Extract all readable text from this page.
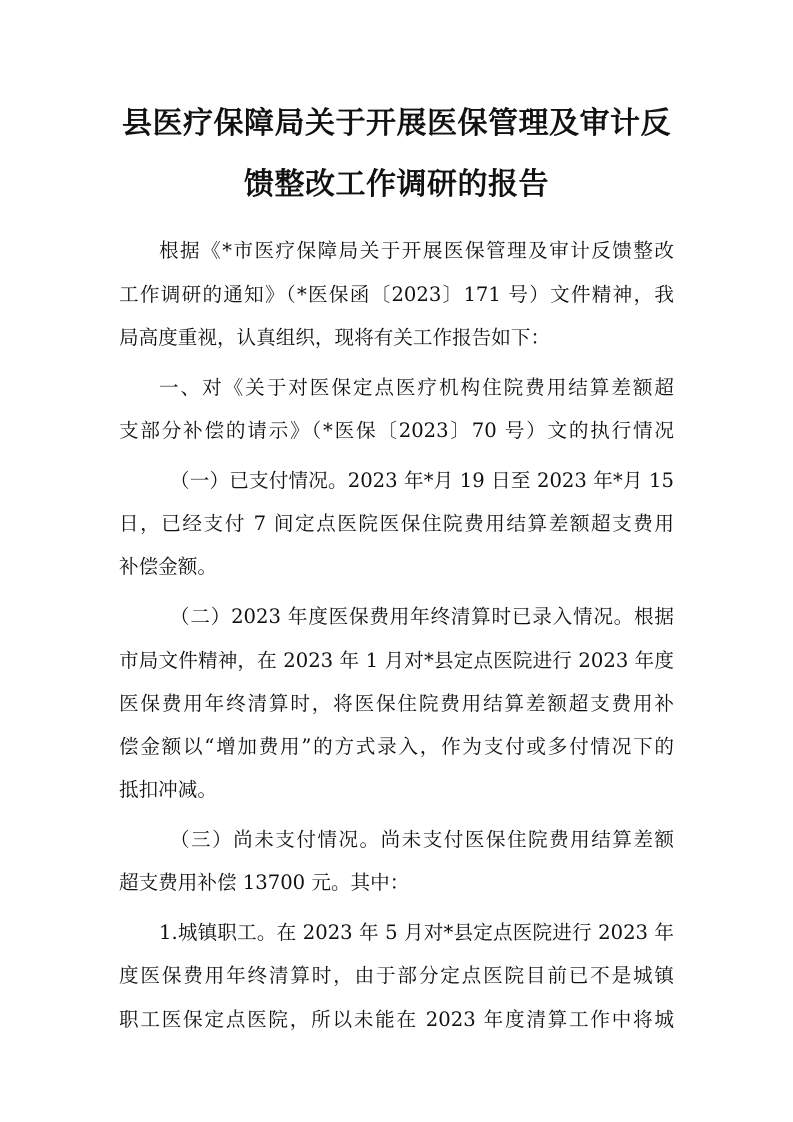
县医疗保障局关于开展医保管理及审计反
馈整改工作调研的报告
根据《*市医疗保障局关于开展医保管理及审计反馈整改
工作调研的通知》（*医保函〔2023〕171 号）文件精神，我
局高度重视，认真组织，现将有关工作报告如下：
一、对《关于对医保定点医疗机构住院费用结算差额超
支部分补偿的请示》（*医保〔2023〕70 号）文的执行情况
（一）已支付情况。2023 年*月 19 日至 2023 年*月 15
日，已经支付 7 间定点医院医保住院费用结算差额超支费用
补偿金额。
（二）2023 年度医保费用年终清算时已录入情况。根据
市局文件精神，在 2023 年 1 月对*县定点医院进行 2023 年度
医保费用年终清算时，将医保住院费用结算差额超支费用补
偿金额以“增加费用”的方式录入，作为支付或多付情况下的
抵扣冲减。
（三）尚未支付情况。尚未支付医保住院费用结算差额
超支费用补偿 13700 元。其中：
1.城镇职工。在 2023 年 5 月对*县定点医院进行 2023 年
度医保费用年终清算时，由于部分定点医院目前已不是城镇
职工医保定点医院，所以未能在 2023 年度清算工作中将城
